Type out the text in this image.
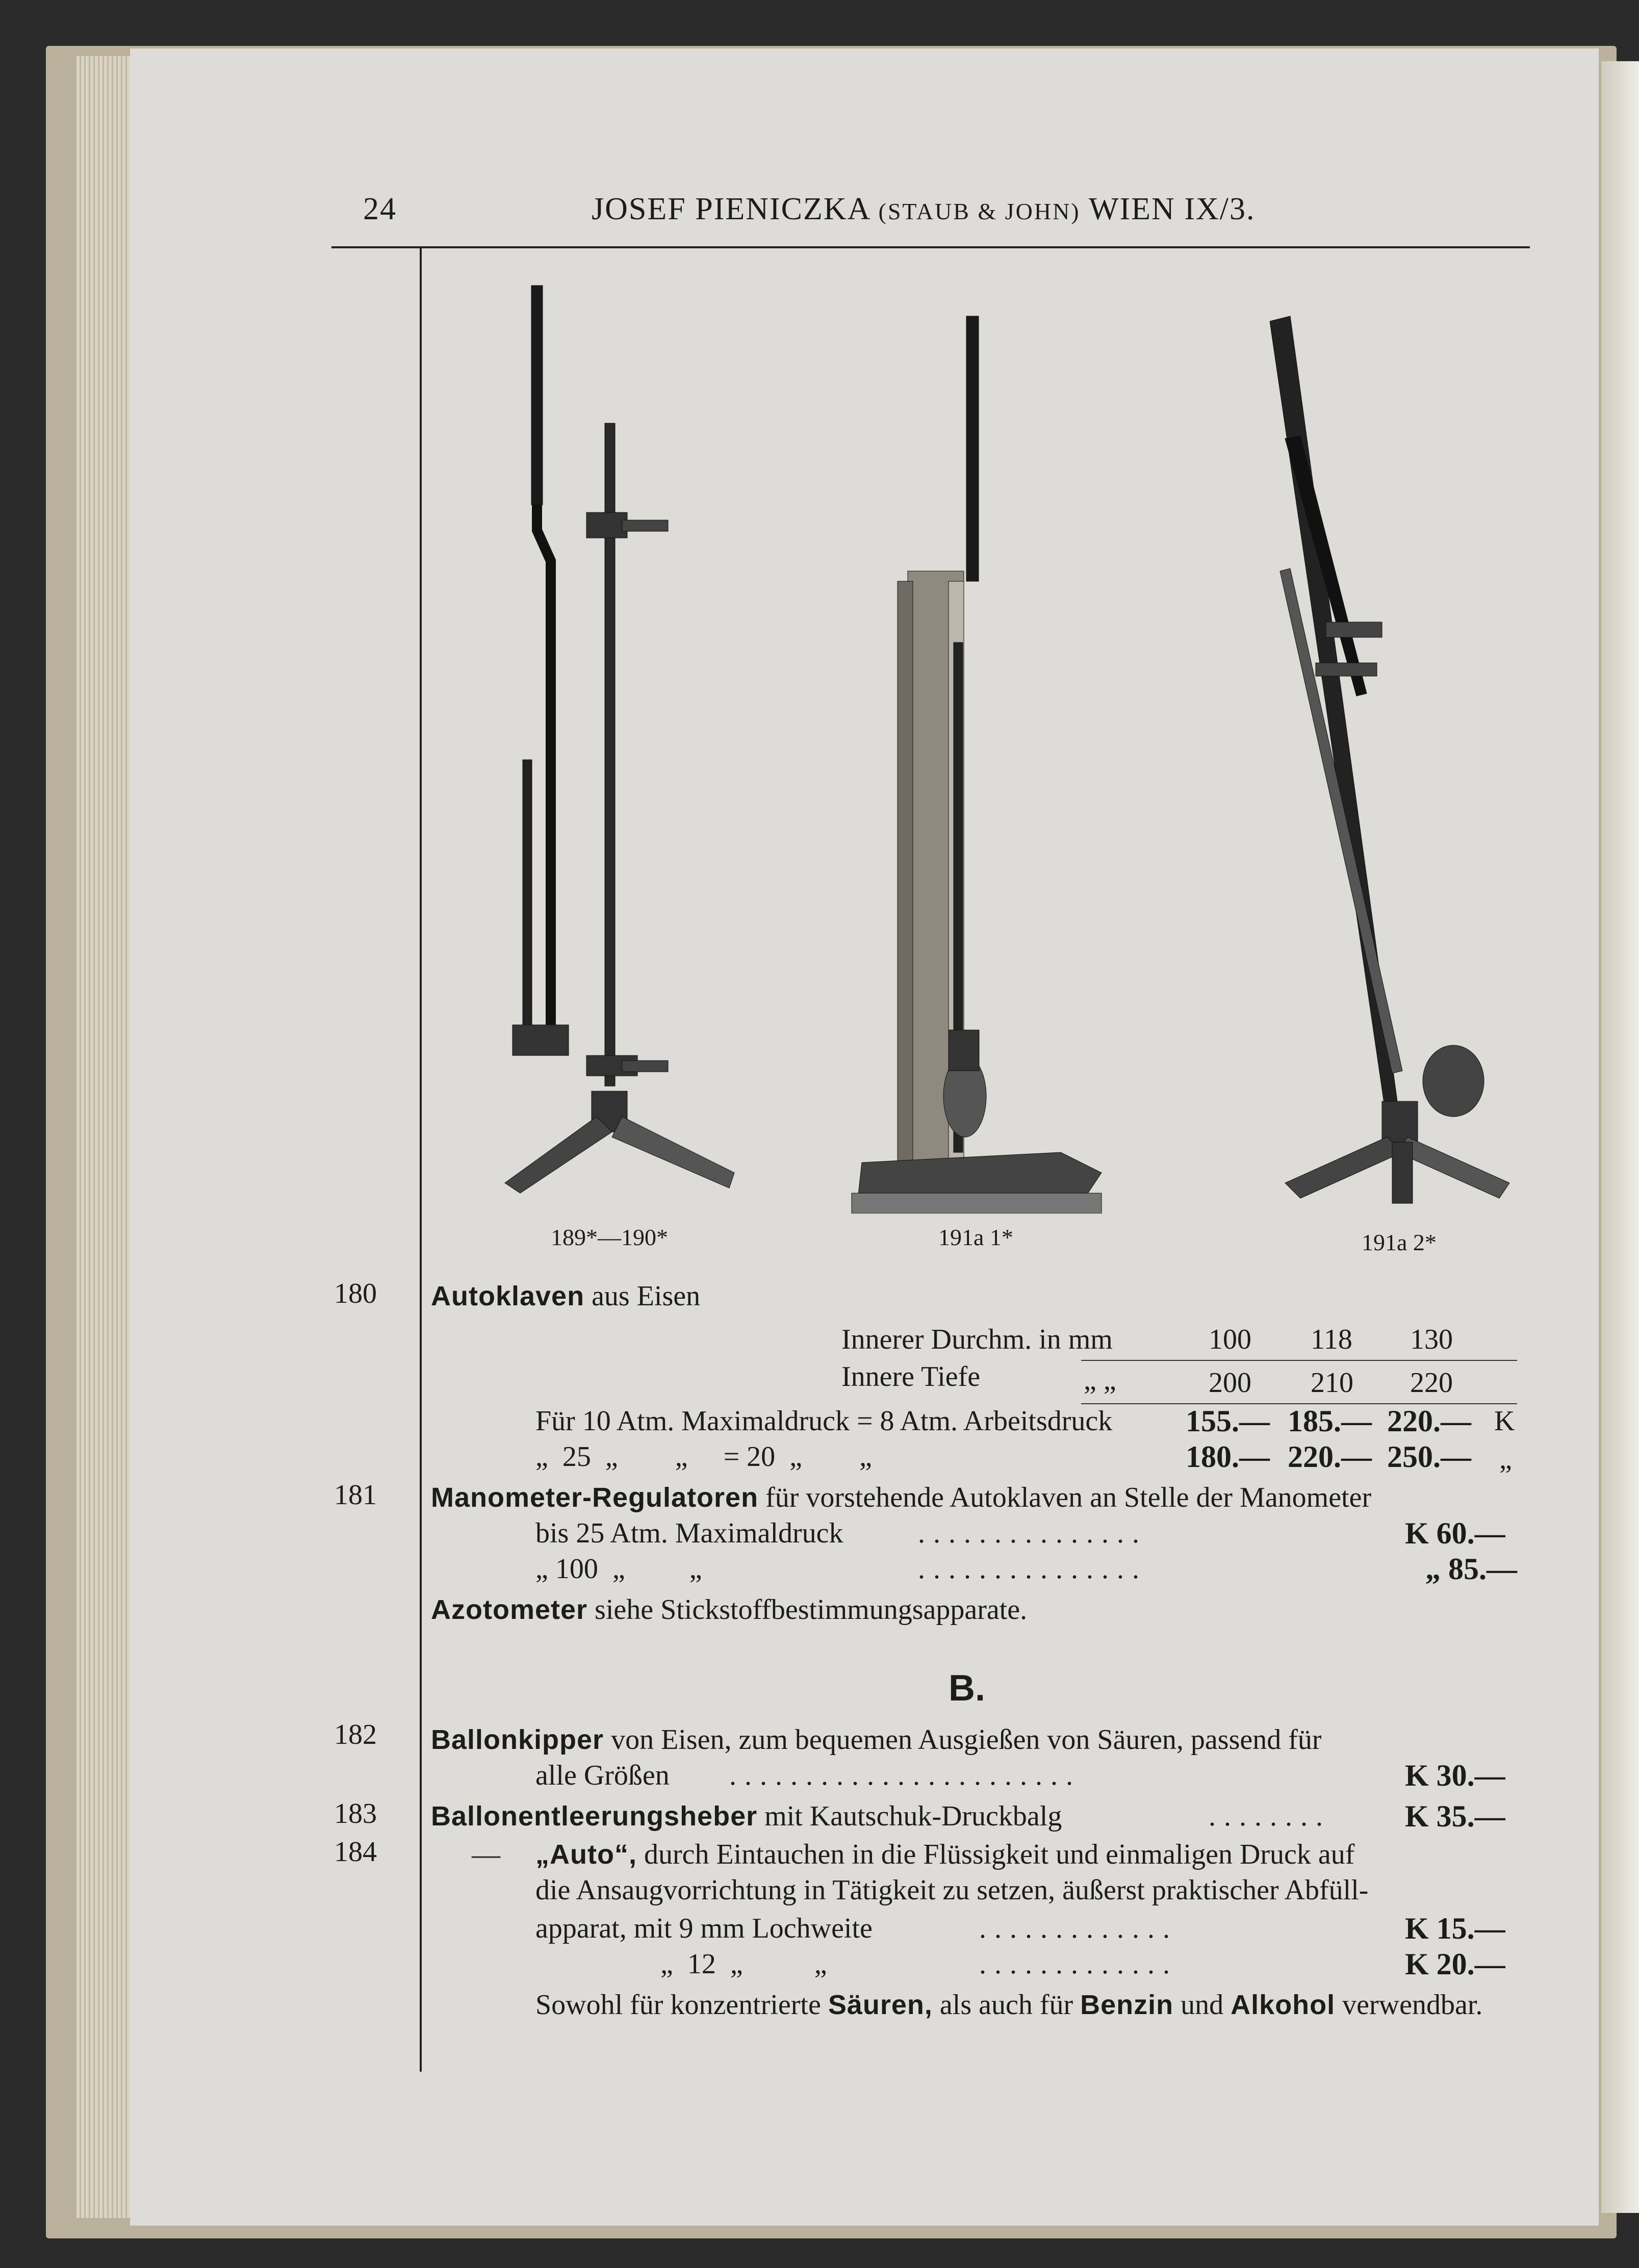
24	JOSEF PIENICZKA (STAUB & JOHN) WIEN IX/3.
189*—190*	191a 1*	191a 2*
180 Autoklaven aus Eisen
Innerer Durchm. in mm	100 118 130
Innere Tiefe	„ „	200 210 220
Für 10 Atm. Maximaldruck = 8 Atm. Arbeitsdruck 155.— 185.— 220.— K
„  25  „        „     = 20  „        „	180.— 220.— 250.— „
181 Manometer-Regulatoren für vorstehende Autoklaven an Stelle der Manometer
bis 25 Atm. Maximaldruck	...............	K 60.—
„ 100  „         „	...............	„ 85.—
Azotometer siehe Stickstoffbestimmungsapparate.
B.
182 Ballonkipper von Eisen, zum bequemen Ausgießen von Säuren, passend für
alle Größen .......................	K 30.—
183 Ballonentleerungsheber mit Kautschuk-Druckbalg	........ K 35.—
184	— „Auto“, durch Eintauchen in die Flüssigkeit und einmaligen Druck auf
die Ansaugvorrichtung in Tätigkeit zu setzen, äußerst praktischer Abfüll-
apparat, mit 9 mm Lochweite	.............	K 15.—
„  12  „          „	.............	K 20.—
Sowohl für konzentrierte Säuren, als auch für Benzin und Alkohol verwendbar.
